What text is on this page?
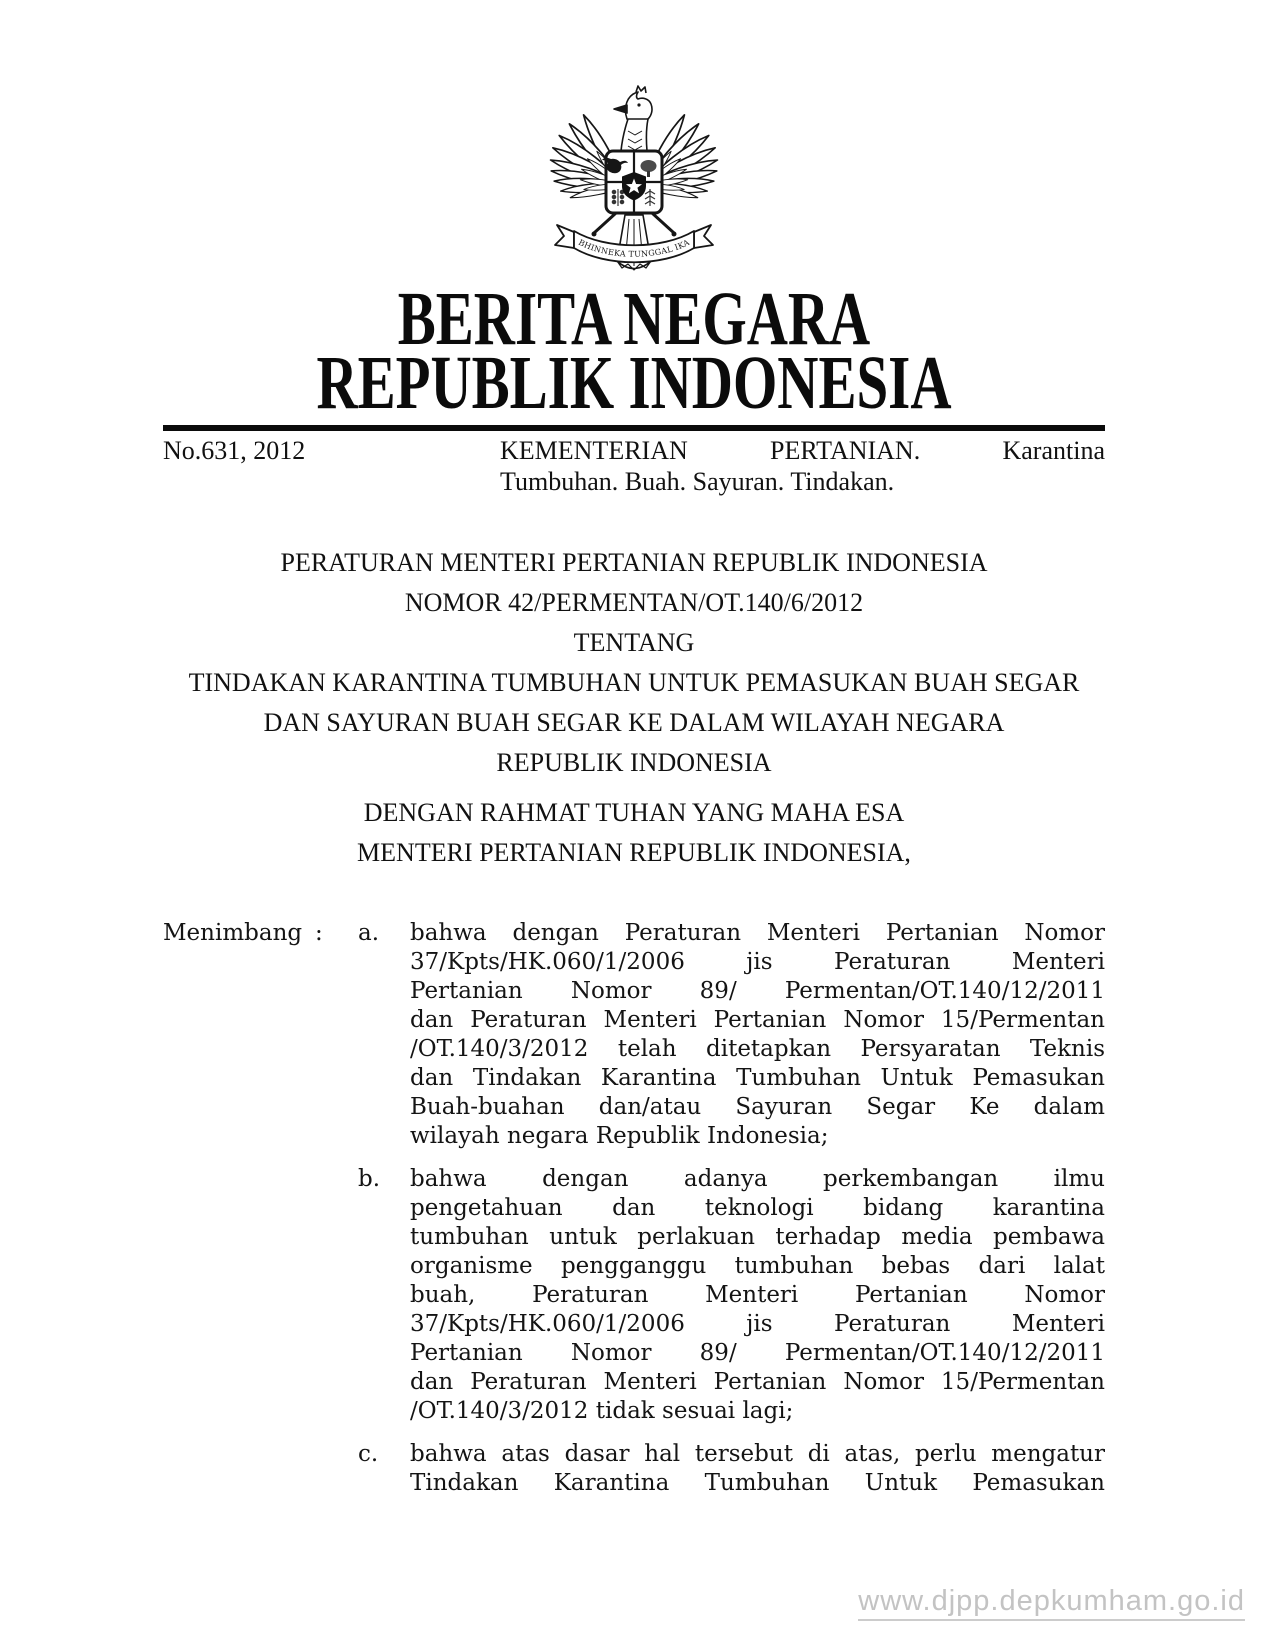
BHINNEKA TUNGGAL IKA
BERITA NEGARA
REPUBLIK INDONESIA
No.631, 2012	KEMENTERIAN PERTANIAN. Karantina
Tumbuhan. Buah. Sayuran. Tindakan.
PERATURAN MENTERI PERTANIAN REPUBLIK INDONESIA
NOMOR 42/PERMENTAN/OT.140/6/2012
TENTANG
TINDAKAN KARANTINA TUMBUHAN UNTUK PEMASUKAN BUAH SEGAR
DAN SAYURAN BUAH SEGAR KE DALAM WILAYAH NEGARA
REPUBLIK INDONESIA
DENGAN RAHMAT TUHAN YANG MAHA ESA
MENTERI PERTANIAN REPUBLIK INDONESIA,
Menimbang :	a.	bahwa dengan Peraturan Menteri Pertanian Nomor
37/Kpts/HK.060/1/2006 jis Peraturan Menteri
Pertanian Nomor 89/ Permentan/OT.140/12/2011
dan Peraturan Menteri Pertanian Nomor 15/Permentan
/OT.140/3/2012 telah ditetapkan Persyaratan Teknis
dan Tindakan Karantina Tumbuhan Untuk Pemasukan
Buah-buahan dan/atau Sayuran Segar Ke dalam
wilayah negara Republik Indonesia;
b.	bahwa dengan adanya perkembangan ilmu
pengetahuan dan teknologi bidang karantina
tumbuhan untuk perlakuan terhadap media pembawa
organisme pengganggu tumbuhan bebas dari lalat
buah, Peraturan Menteri Pertanian Nomor
37/Kpts/HK.060/1/2006 jis Peraturan Menteri
Pertanian Nomor 89/ Permentan/OT.140/12/2011
dan Peraturan Menteri Pertanian Nomor 15/Permentan
/OT.140/3/2012 tidak sesuai lagi;
c.	bahwa atas dasar hal tersebut di atas, perlu mengatur
Tindakan Karantina Tumbuhan Untuk Pemasukan
www.djpp.depkumham.go.id
